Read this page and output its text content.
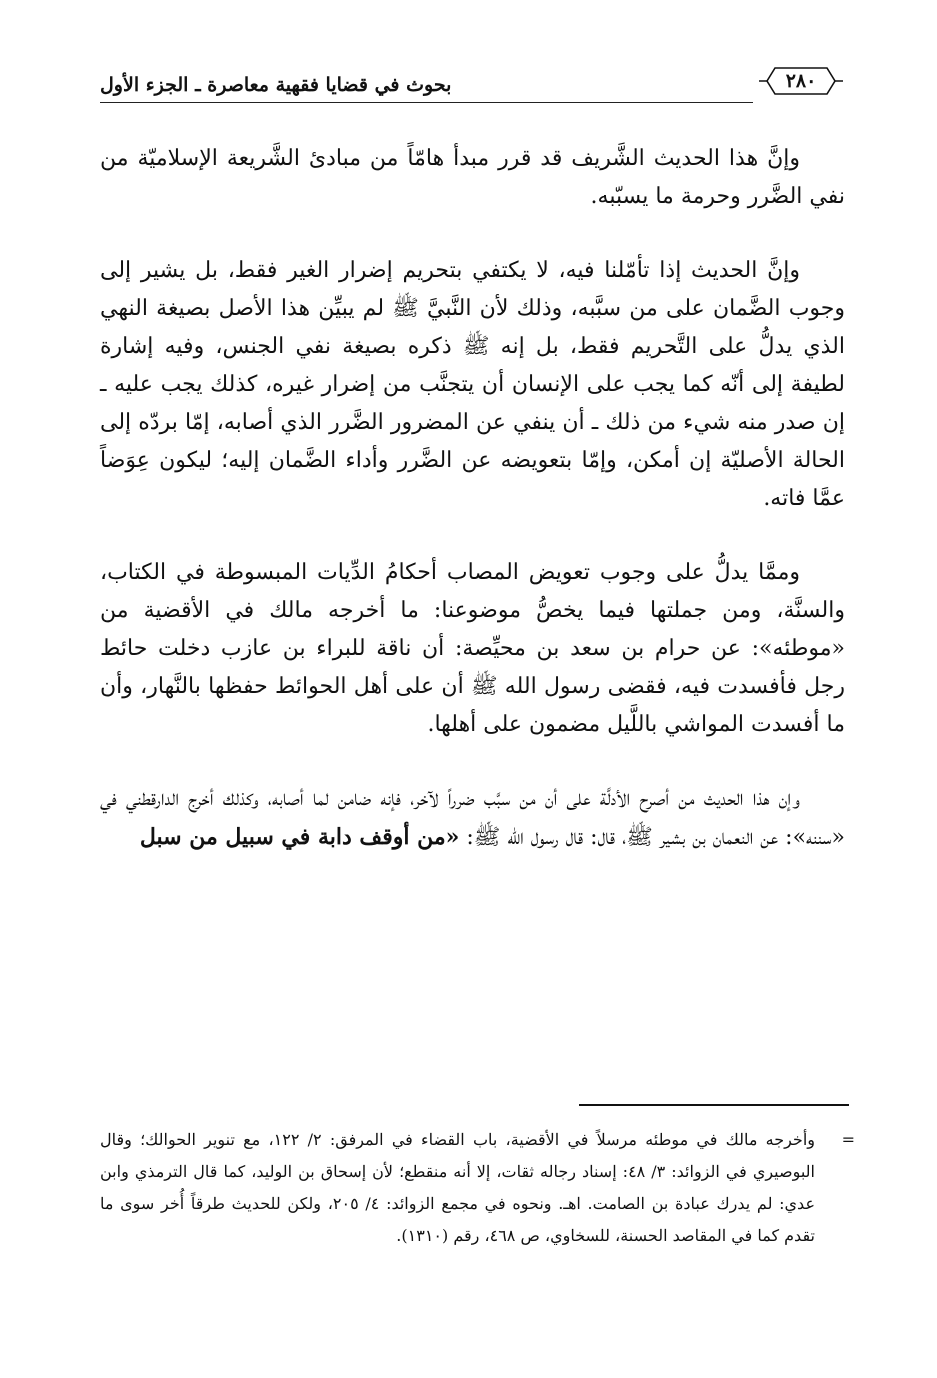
بحوث في قضايا فقهية معاصرة ـ الجزء الأول	٢٨٠

وإنَّ هذا الحديث الشَّريف قد قرر مبدأ هامّاً من مبادئ الشَّريعة الإسلاميّة من نفي الضَّرر وحرمة ما يسبّبه.

وإنَّ الحديث إذا تأمّلنا فيه، لا يكتفي بتحريم إضرار الغير فقط، بل يشير إلى وجوب الضَّمان على من سبَّبه، وذلك لأن النَّبيَّ ﷺ لم يبيِّن هذا الأصل بصيغة النهي الذي يدلُّ على التَّحريم فقط، بل إنه ﷺ ذكره بصيغة نفي الجنس، وفيه إشارة لطيفة إلى أنّه كما يجب على الإنسان أن يتجنَّب من إضرار غيره، كذلك يجب عليه ـ إن صدر منه شيء من ذلك ـ أن ينفي عن المضرور الضَّرر الذي أصابه، إمّا بردّه إلى الحالة الأصليّة إن أمكن، وإمّا بتعويضه عن الضَّرر وأداء الضَّمان إليه؛ ليكون عِوَضاً عمَّا فاته.

وممَّا يدلُّ على وجوب تعويض المصاب أحكامُ الدِّيات المبسوطة في الكتاب، والسنَّة، ومن جملتها فيما يخصُّ موضوعنا: ما أخرجه مالك في الأقضية من «موطئه»: عن حرام بن سعد بن محيِّصة: أن ناقة للبراء بن عازب دخلت حائط رجل فأفسدت فيه، فقضى رسول الله ﷺ أن على أهل الحوائط حفظها بالنَّهار، وأن ما أفسدت المواشي باللَّيل مضمون على أهلها.

وإن هذا الحديث من أصرح الأدلَّة على أن من سبَّب ضرراً لآخر، فإنه ضامن لما أصابه، وكذلك أخرج الدارقطني في «سننه»: عن النعمان بن بشير ﷺ، قال: قال رسول الله ﷺ: «من أوقف دابة في سبيل من سبل

=

وأخرجه مالك في موطئه مرسلاً في الأقضية، باب القضاء في المرفق: ٢/ ١٢٢، مع تنوير الحوالك؛ وقال البوصيري في الزوائد: ٣/ ٤٨: إسناد رجاله ثقات، إلا أنه منقطع؛ لأن إسحاق بن الوليد، كما قال الترمذي وابن عدي: لم يدرك عبادة بن الصامت. اهـ. ونحوه في مجمع الزوائد: ٤/ ٢٠٥، ولكن للحديث طرقاً أُخر سوى ما تقدم كما في المقاصد الحسنة، للسخاوي، ص ٤٦٨، رقم (١٣١٠).
